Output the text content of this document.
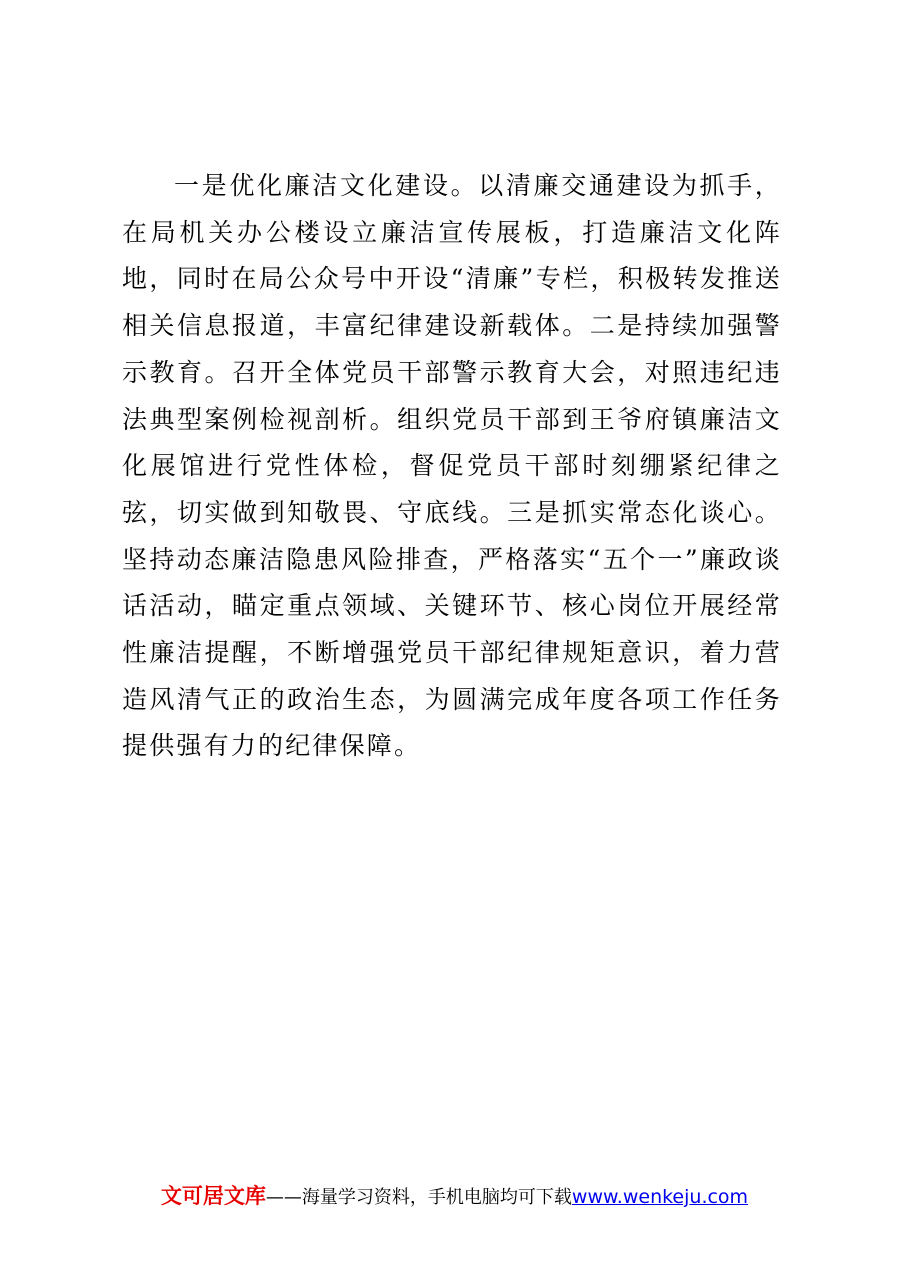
一是优化廉洁文化建设。以清廉交通建设为抓手，在局机关办公楼设立廉洁宣传展板，打造廉洁文化阵地，同时在局公众号中开设“清廉”专栏，积极转发推送相关信息报道，丰富纪律建设新载体。二是持续加强警示教育。召开全体党员干部警示教育大会，对照违纪违法典型案例检视剖析。组织党员干部到王爷府镇廉洁文化展馆进行党性体检，督促党员干部时刻绷紧纪律之弦，切实做到知敬畏、守底线。三是抓实常态化谈心。坚持动态廉洁隐患风险排查，严格落实“五个一”廉政谈话活动，瞄定重点领域、关键环节、核心岗位开展经常性廉洁提醒，不断增强党员干部纪律规矩意识，着力营造风清气正的政治生态，为圆满完成年度各项工作任务提供强有力的纪律保障。

文可居文库——海量学习资料，手机电脑均可下载www.wenkeju.com
